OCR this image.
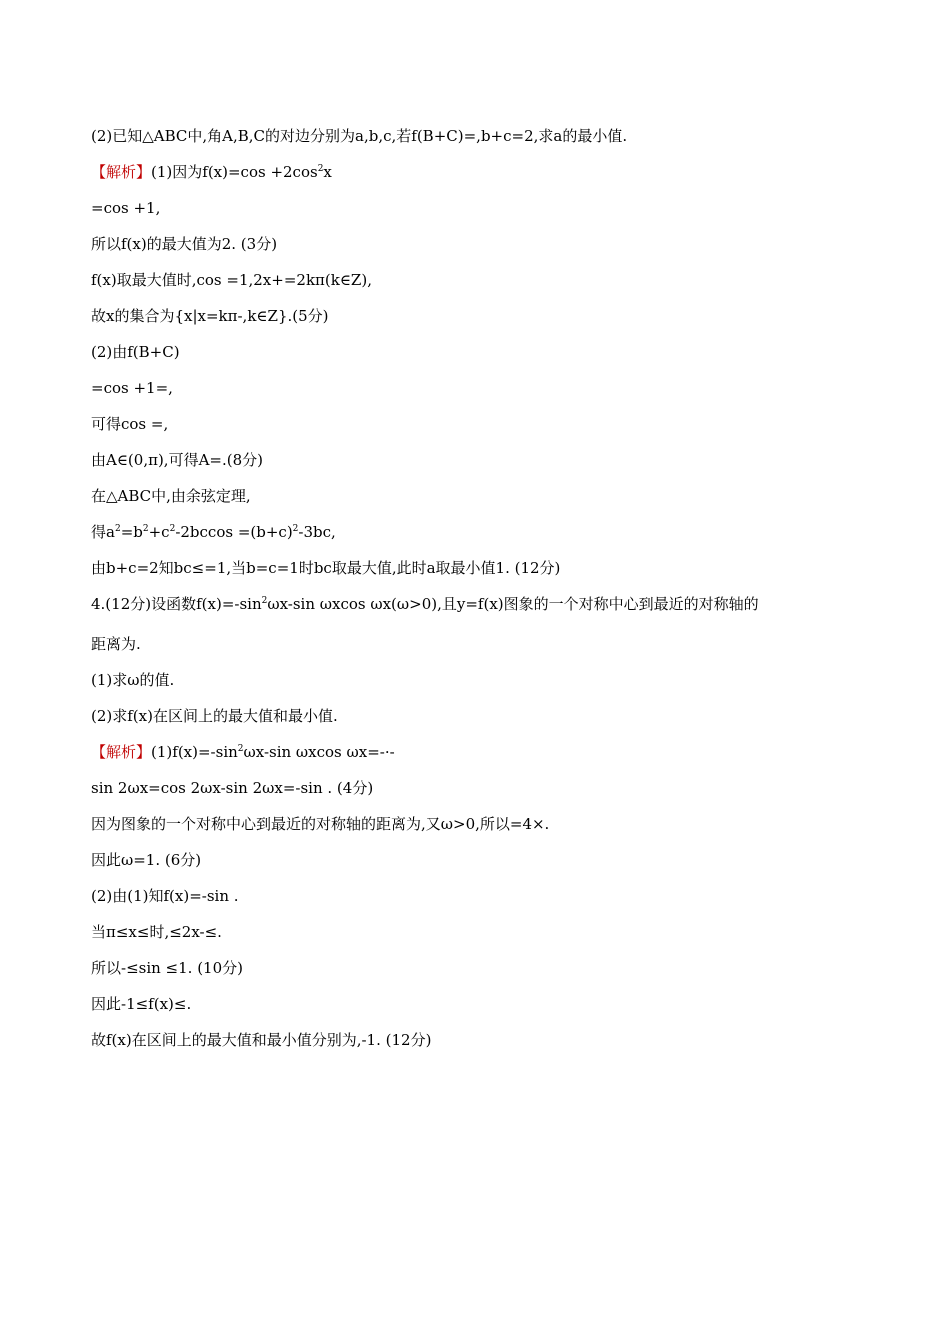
(2)已知△ABC中,角A,B,C的对边分别为a,b,c,若f(B+C)=,b+c=2,求a的最小值.
【解析】(1)因为$f(x)=\cos +2\cos^2x$
=cos +1,
所以f(x)的最大值为2. (3分)
f(x)取最大值时,cos =1,2x+=2kπ(k∈Z),
故x的集合为{x|x=kπ-,k∈Z}.(5分)
(2)由f(B+C)
=cos +1=,
可得cos =,
由A∈(0,π),可得A=.(8分)
在△ABC中,由余弦定理,
得$a^2=b^2+c^2-2bccos =(b+c)^2-3bc$,
由b+c=2知bc≤=1,当b=c=1时bc取最大值,此时a取最小值1. (12分)
4.(12分)设函数$f(x)=-\sin^2\omega x-\sin$ ωxcos ωx(ω>0),且y=f(x)图象的一个对称中心到最近的对称轴的
距离为.
(1)求ω的值.
(2)求f(x)在区间上的最大值和最小值.
【解析】$(1)f(x)=-\sin^2\omega x-\sin$ ωxcos ωx=-·-
sin 2ωx=cos 2ωx-sin 2ωx=-sin . (4分)
因为图象的一个对称中心到最近的对称轴的距离为,又ω>0,所以=4×.
因此ω=1. (6分)
(2)由(1)知f(x)=-sin .
当π≤x≤时,≤2x-≤.
所以-≤sin ≤1. (10分)
因此-1≤f(x)≤.
故f(x)在区间上的最大值和最小值分别为,-1. (12分)
